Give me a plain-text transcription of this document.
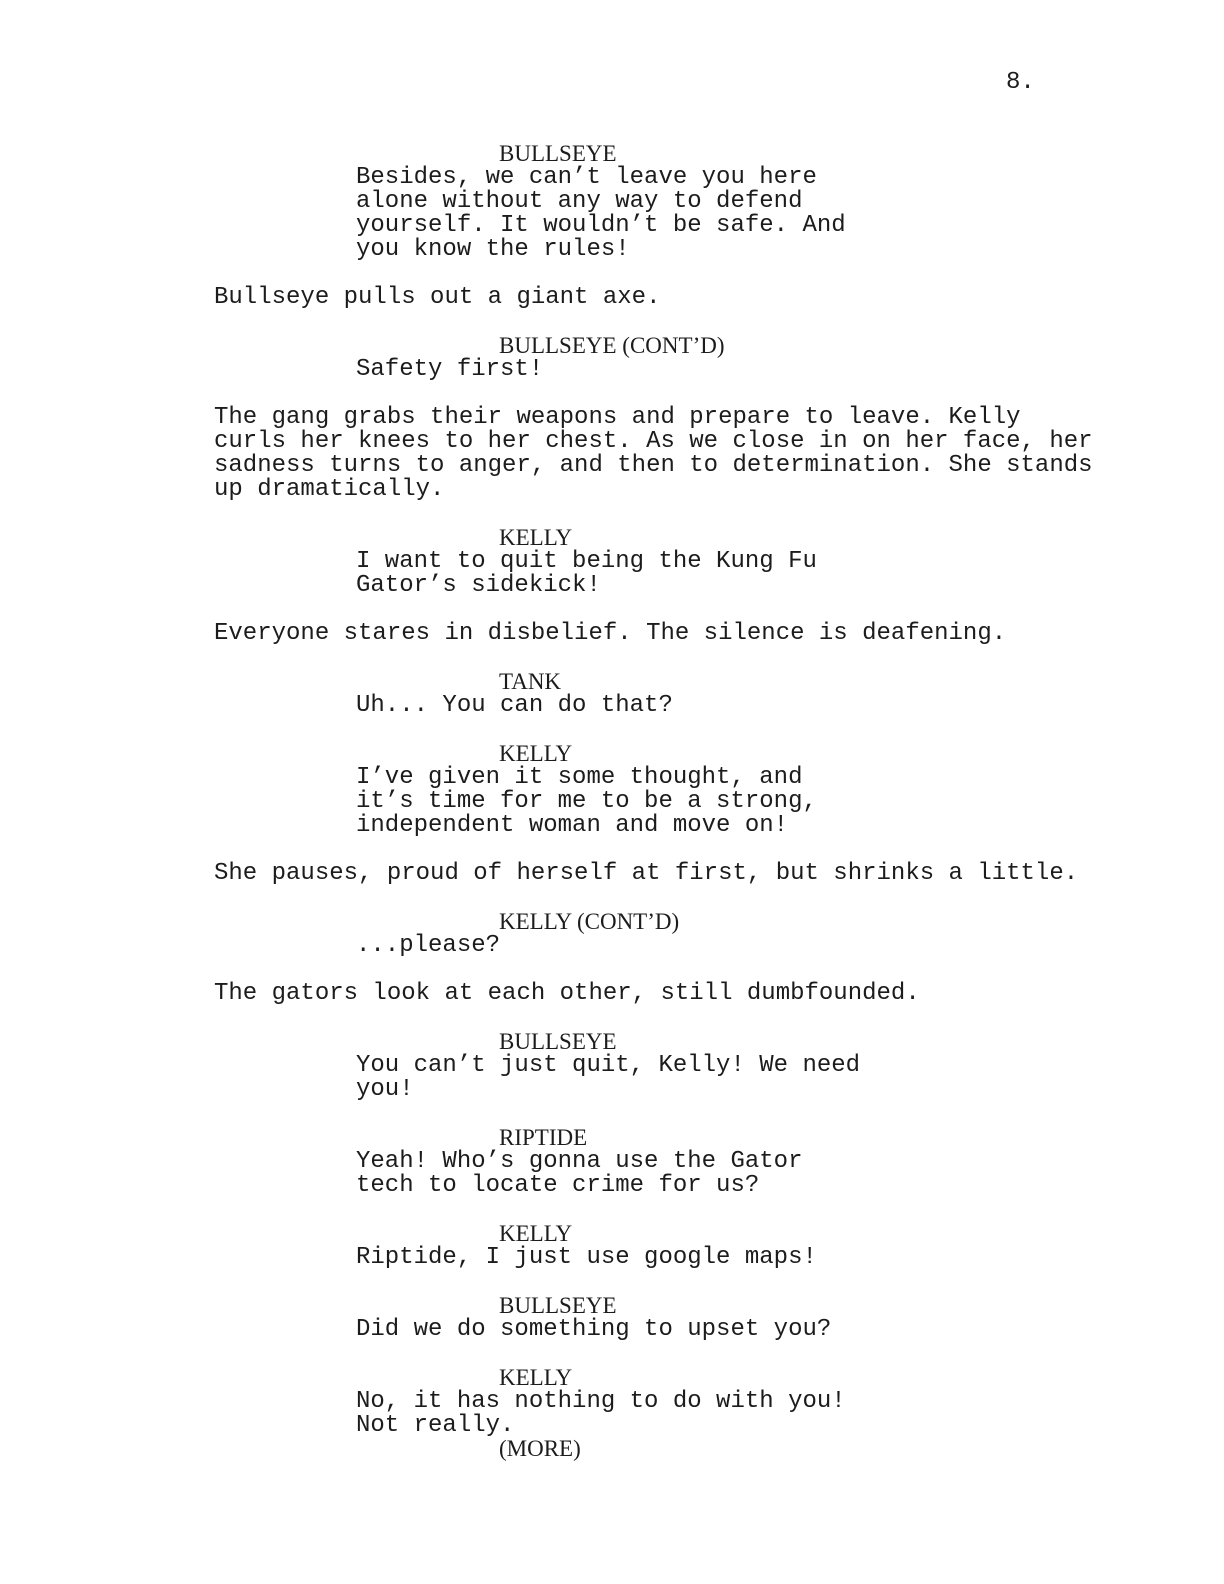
8.
BULLSEYE
Besides, we can’t leave you here
alone without any way to defend
yourself. It wouldn’t be safe. And
you know the rules!
Bullseye pulls out a giant axe.
BULLSEYE (CONT’D)
Safety first!
The gang grabs their weapons and prepare to leave. Kelly
curls her knees to her chest. As we close in on her face, her
sadness turns to anger, and then to determination. She stands
up dramatically.
KELLY
I want to quit being the Kung Fu
Gator’s sidekick!
Everyone stares in disbelief. The silence is deafening.
TANK
Uh... You can do that?
KELLY
I’ve given it some thought, and
it’s time for me to be a strong,
independent woman and move on!
She pauses, proud of herself at first, but shrinks a little.
KELLY (CONT’D)
...please?
The gators look at each other, still dumbfounded.
BULLSEYE
You can’t just quit, Kelly! We need
you!
RIPTIDE
Yeah! Who’s gonna use the Gator
tech to locate crime for us?
KELLY
Riptide, I just use google maps!
BULLSEYE
Did we do something to upset you?
KELLY
No, it has nothing to do with you!
Not really.
(MORE)
